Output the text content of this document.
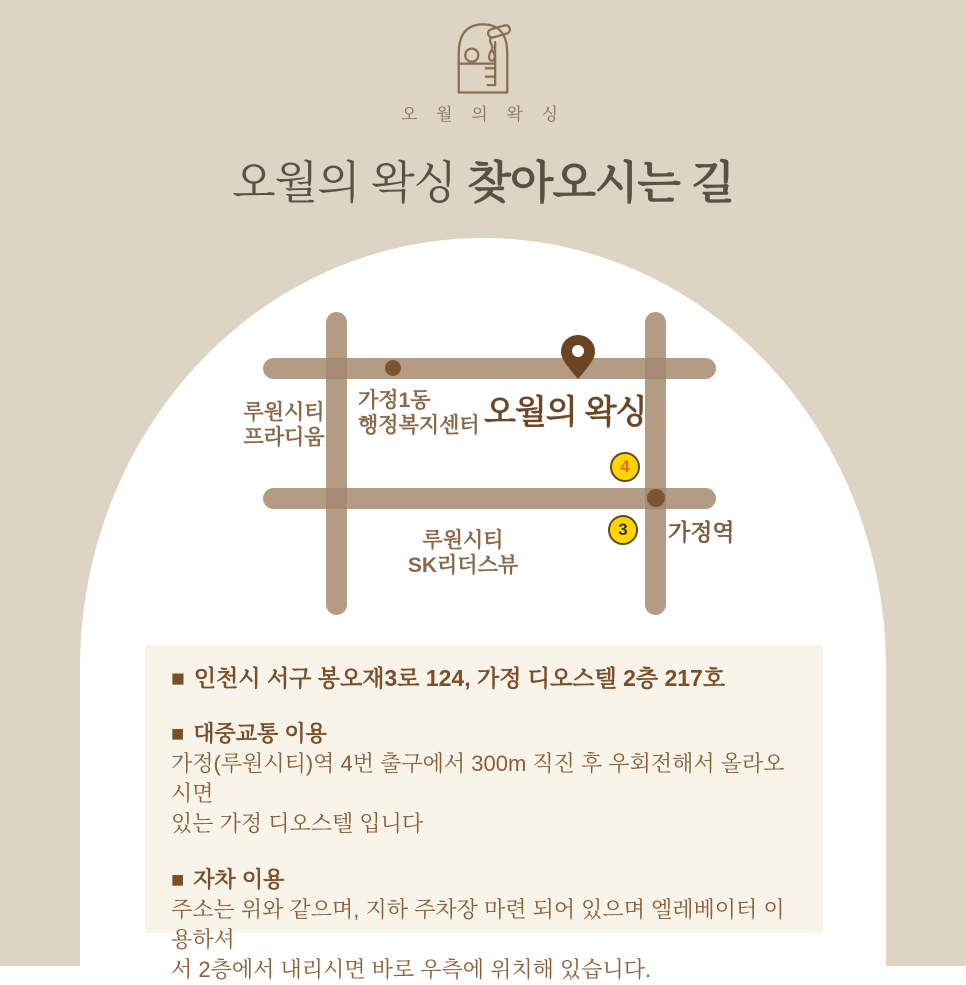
오 월 의 왁 싱
오월의 왁싱 찾아오시는 길
루원시티
프라디움
가정1동
행정복지센터 오월의 왁싱
가정역
루원시티
SK리더스뷰
4
3
■ 인천시 서구 봉오재3로 124, 가정 디오스텔 2층 217호
■ 대중교통 이용
가정(루원시티)역 4번 출구에서 300m 직진 후 우회전해서 올라오시면
있는 가정 디오스텔 입니다
■ 자차 이용
주소는 위와 같으며, 지하 주차장 마련 되어 있으며 엘레베이터 이용하셔
서 2층에서 내리시면 바로 우측에 위치해 있습니다.
